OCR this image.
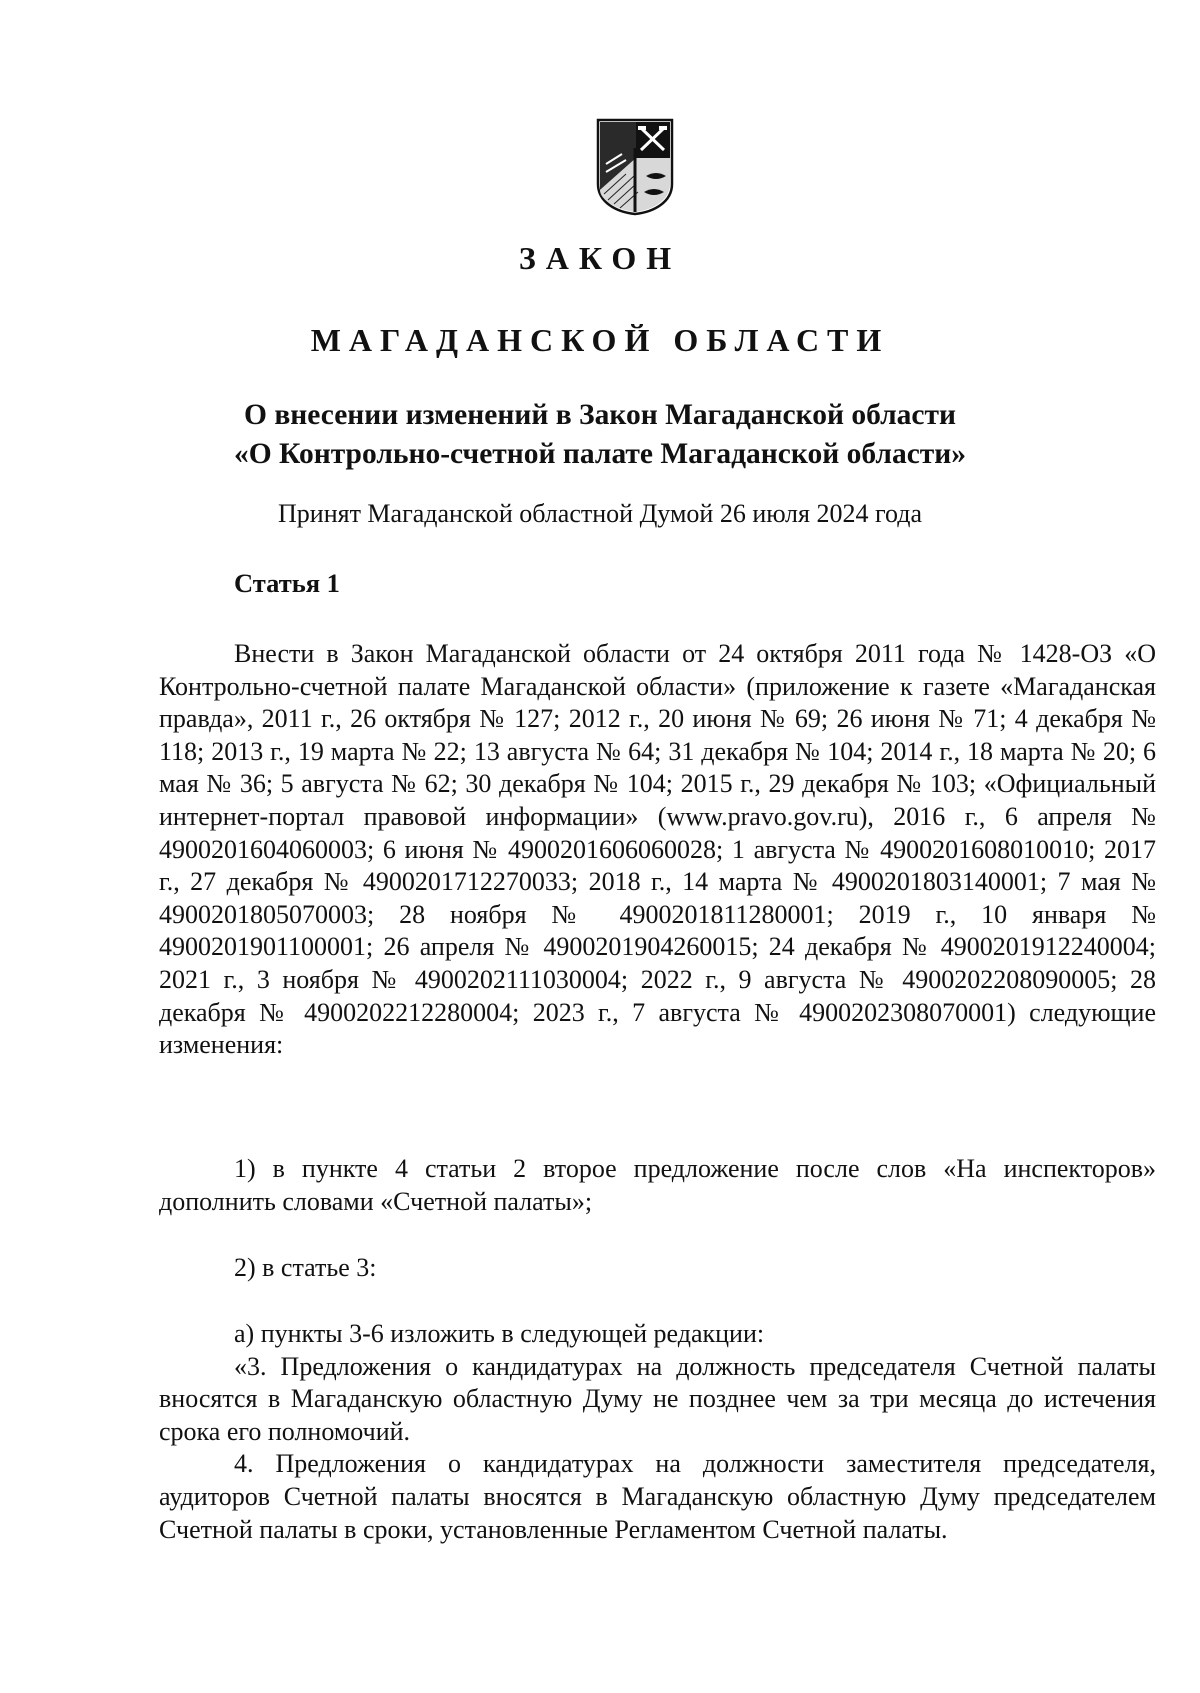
ЗАКОН
МАГАДАНСКОЙ ОБЛАСТИ
О внесении изменений в Закон Магаданской области
«О Контрольно-счетной палате Магаданской области»
Принят Магаданской областной Думой 26 июля 2024 года
Статья 1

Внести в Закон Магаданской области от 24 октября 2011 года № 1428-ОЗ «О Контрольно-счетной палате Магаданской области» (приложение к газете «Магаданская правда», 2011 г., 26 октября № 127; 2012 г., 20 июня № 69; 26 июня № 71; 4 декабря № 118; 2013 г., 19 марта № 22; 13 августа № 64; 31 декабря № 104; 2014 г., 18 марта № 20; 6 мая № 36; 5 августа № 62; 30 декабря № 104; 2015 г., 29 декабря № 103; «Официальный интернет-портал правовой информации» (www.pravo.gov.ru), 2016 г., 6 апреля № 4900201604060003; 6 июня № 4900201606060028; 1 августа № 4900201608010010; 2017 г., 27 декабря № 4900201712270033; 2018 г., 14 марта № 4900201803140001; 7 мая № 4900201805070003; 28 ноября № 4900201811280001; 2019 г., 10 января № 4900201901100001; 26 апреля № 4900201904260015; 24 декабря № 4900201912240004; 2021 г., 3 ноября № 4900202111030004; 2022 г., 9 августа № 4900202208090005; 28 декабря № 4900202212280004; 2023 г., 7 августа № 4900202308070001) следующие изменения:

1) в пункте 4 статьи 2 второе предложение после слов «На инспекторов» дополнить словами «Счетной палаты»;

2) в статье 3:

а) пункты 3-6 изложить в следующей редакции:

«3. Предложения о кандидатурах на должность председателя Счетной палаты вносятся в Магаданскую областную Думу не позднее чем за три месяца до истечения срока его полномочий.

4. Предложения о кандидатурах на должности заместителя председателя, аудиторов Счетной палаты вносятся в Магаданскую областную Думу председателем Счетной палаты в сроки, установленные Регламентом Счетной палаты.
